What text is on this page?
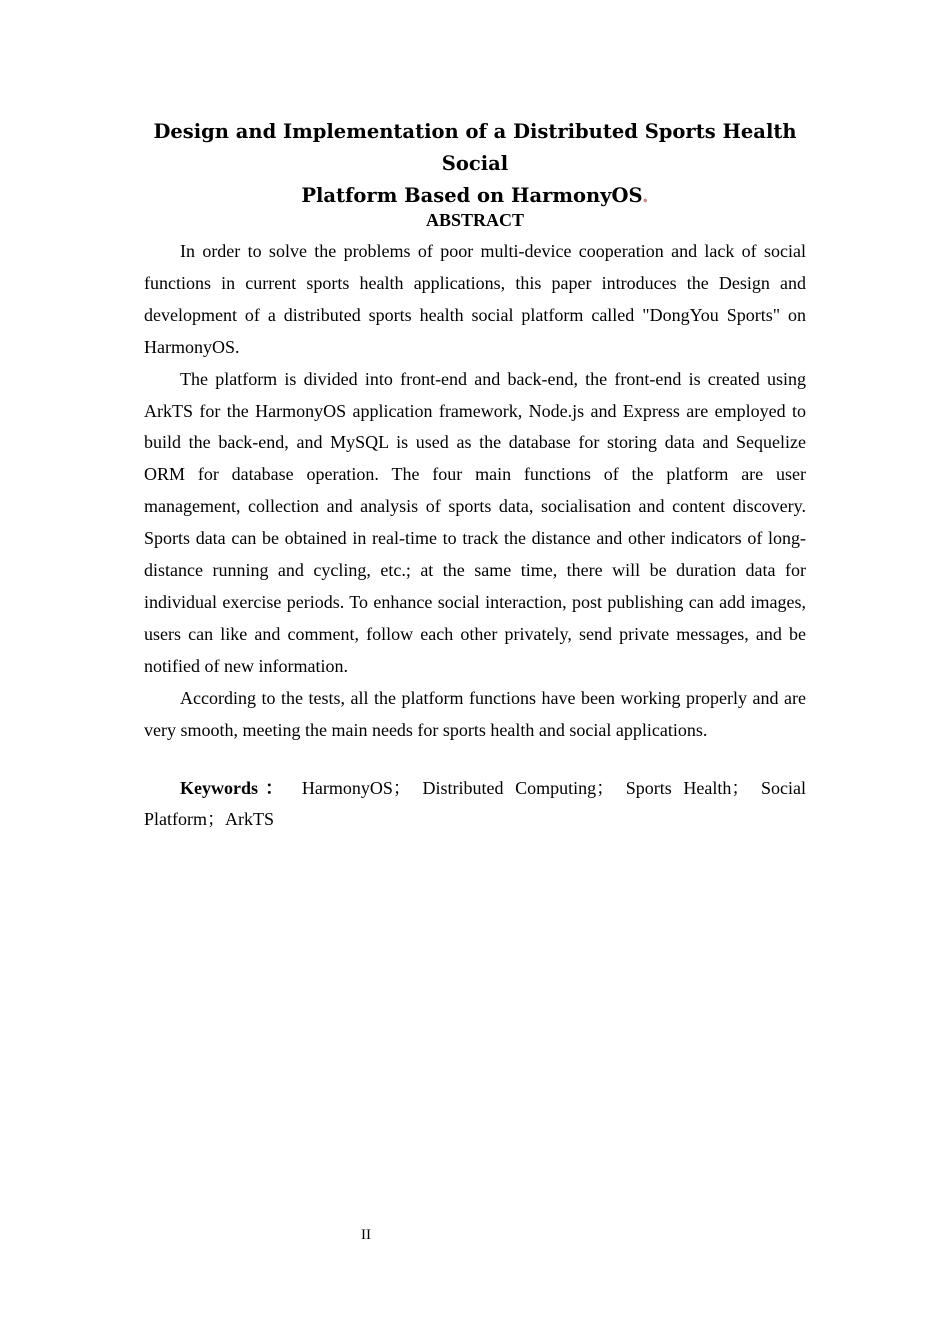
Design and Implementation of a Distributed Sports Health Social
Platform Based on HarmonyOS.
ABSTRACT

In order to solve the problems of poor multi-device cooperation and lack of social functions in current sports health applications, this paper introduces the Design and development of a distributed sports health social platform called "DongYou Sports" on HarmonyOS.

The platform is divided into front-end and back-end, the front-end is created using ArkTS for the HarmonyOS application framework, Node.js and Express are employed to build the back-end, and MySQL is used as the database for storing data and Sequelize ORM for database operation. The four main functions of the platform are user management, collection and analysis of sports data, socialisation and content discovery. Sports data can be obtained in real-time to track the distance and other indicators of long-distance running and cycling, etc.; at the same time, there will be duration data for individual exercise periods. To enhance social interaction, post publishing can add images, users can like and comment, follow each other privately, send private messages, and be notified of new information.

According to the tests, all the platform functions have been working properly and are very smooth, meeting the main needs for sports health and social applications.

Keywords： HarmonyOS； Distributed Computing； Sports Health； Social Platform；ArkTS
II
